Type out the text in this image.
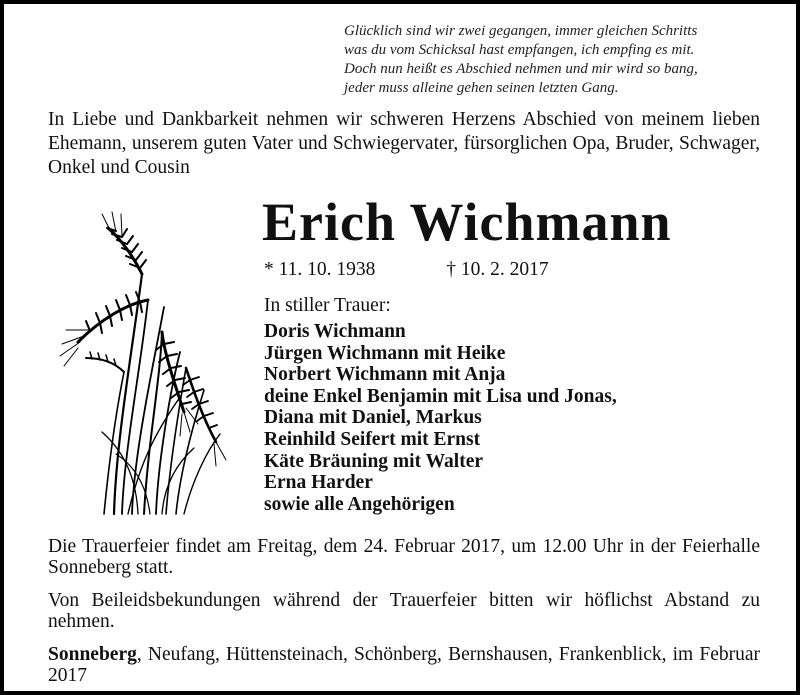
Glücklich sind wir zwei gegangen, immer gleichen Schritts
was du vom Schicksal hast empfangen, ich empfing es mit.
Doch nun heißt es Abschied nehmen und mir wird so bang,
jeder muss alleine gehen seinen letzten Gang.
In Liebe und Dankbarkeit nehmen wir schweren Herzens Abschied von meinem lieben Ehemann, unserem guten Vater und Schwiegervater, fürsorglichen Opa, Bruder, Schwager, Onkel und Cousin
Erich Wichmann
* 11. 10. 1938	† 10. 2. 2017
In stiller Trauer:
Doris Wichmann
Jürgen Wichmann mit Heike
Norbert Wichmann mit Anja
deine Enkel Benjamin mit Lisa und Jonas,
Diana mit Daniel, Markus
Reinhild Seifert mit Ernst
Käte Bräuning mit Walter
Erna Harder
sowie alle Angehörigen
Die Trauerfeier findet am Freitag, dem 24. Februar 2017, um 12.00 Uhr in der Feierhalle Sonneberg statt.
Von Beileidsbekundungen während der Trauerfeier bitten wir höflichst Abstand zu nehmen.
Sonneberg, Neufang, Hüttensteinach, Schönberg, Bernshausen, Frankenblick, im Februar 2017
